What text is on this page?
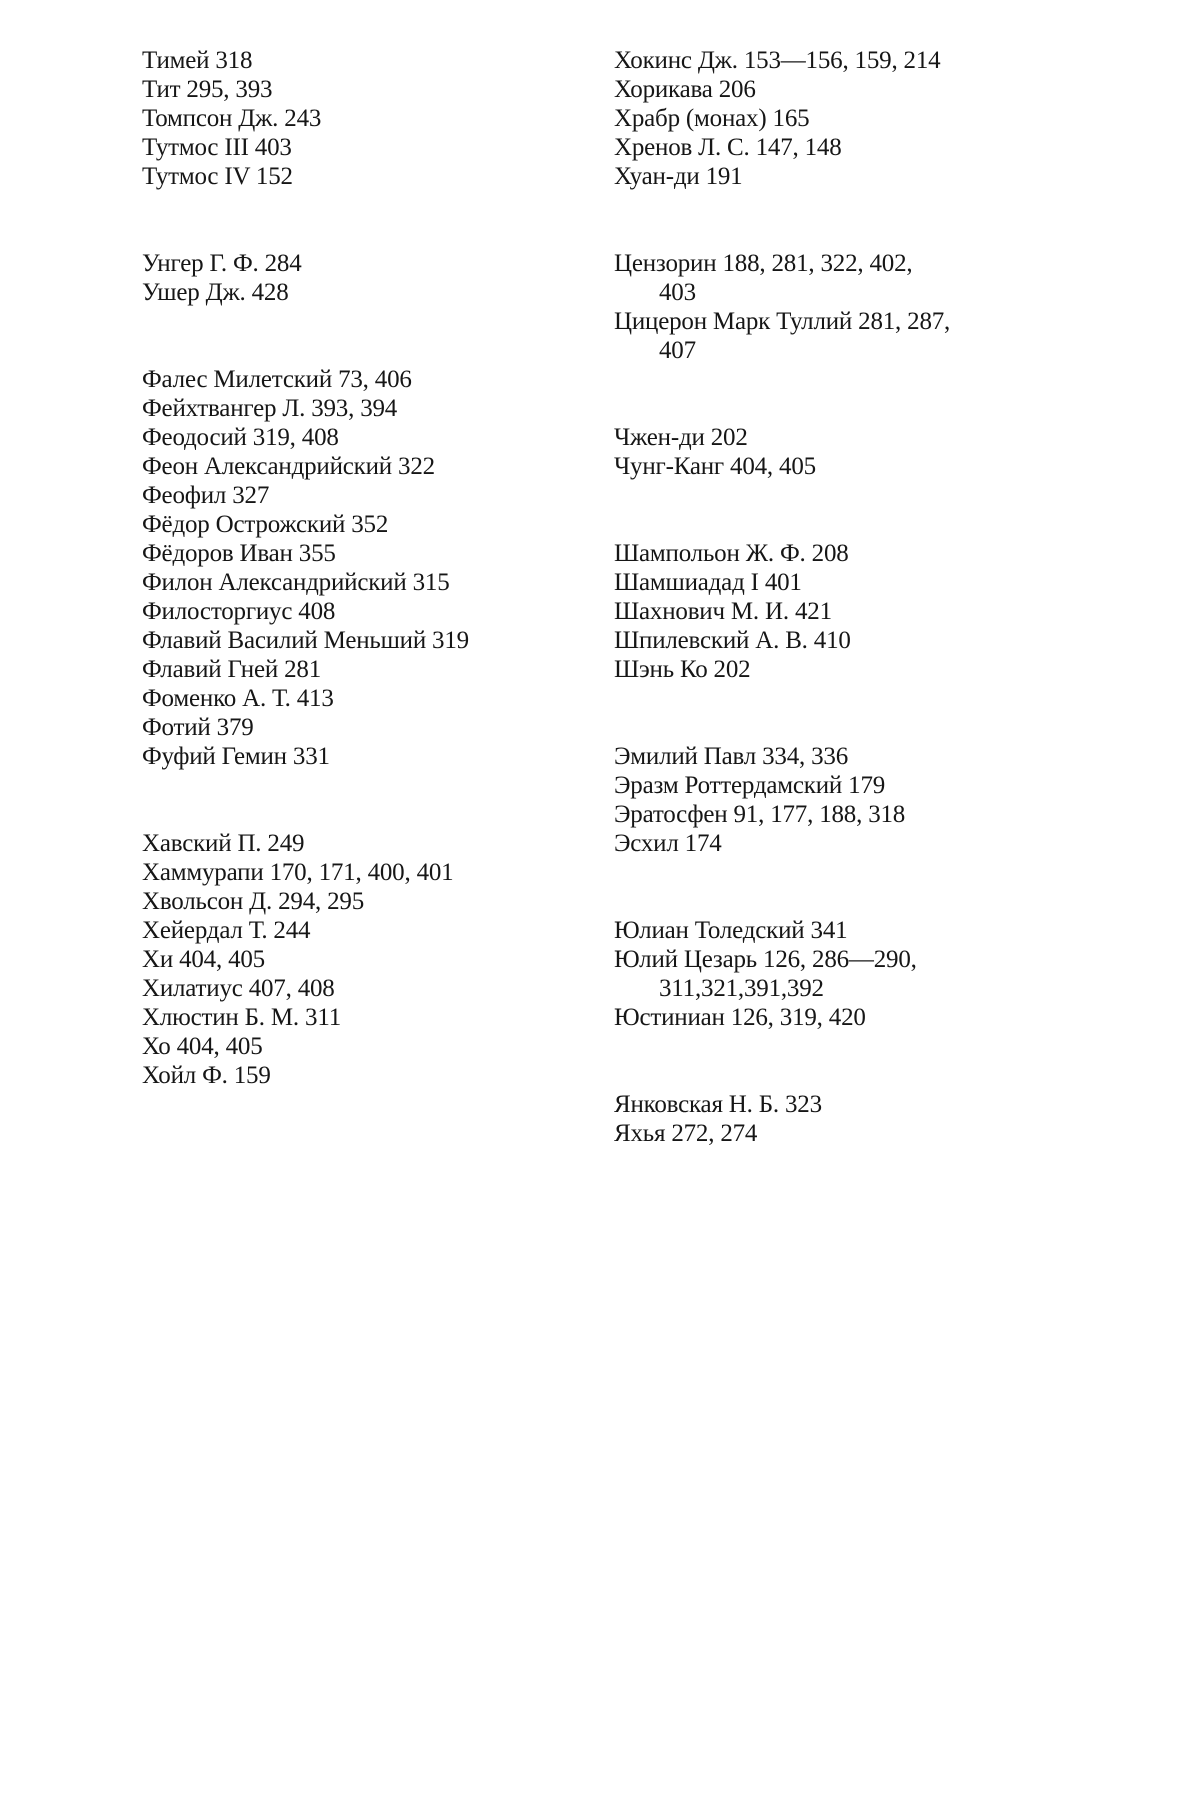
Тимей 318
Тит 295, 393
Томпсон Дж. 243
Тутмос III 403
Тутмос IV 152
Унгер Г. Ф. 284
Ушер Дж. 428
Фалес Милетский 73, 406
Фейхтвангер Л. 393, 394
Феодосий 319, 408
Феон Александрийский 322
Феофил 327
Фёдор Острожский 352
Фёдоров Иван 355
Филон Александрийский 315
Филосторгиус 408
Флавий Василий Меньший 319
Флавий Гней 281
Фоменко А. Т. 413
Фотий 379
Фуфий Гемин 331
Хавский П. 249
Хаммурапи 170, 171, 400, 401
Хвольсон Д. 294, 295
Хейердал Т. 244
Хи 404, 405
Хилатиус 407, 408
Хлюстин Б. М. 311
Хо 404, 405
Хойл Ф. 159
Хокинс Дж. 153—156, 159, 214
Хорикава 206
Храбр (монах) 165
Хренов Л. С. 147, 148
Хуан-ди 191
Цензорин 188, 281, 322, 402,
403
Цицерон Марк Туллий 281, 287,
407
Чжен-ди 202
Чунг-Канг 404, 405
Шампольон Ж. Ф. 208
Шамшиадад I 401
Шахнович М. И. 421
Шпилевский А. В. 410
Шэнь Ко 202
Эмилий Павл 334, 336
Эразм Роттердамский 179
Эратосфен 91, 177, 188, 318
Эсхил 174
Юлиан Толедский 341
Юлий Цезарь 126, 286—290,
311,321,391,392
Юстиниан 126, 319, 420
Янковская Н. Б. 323
Яхья 272, 274
